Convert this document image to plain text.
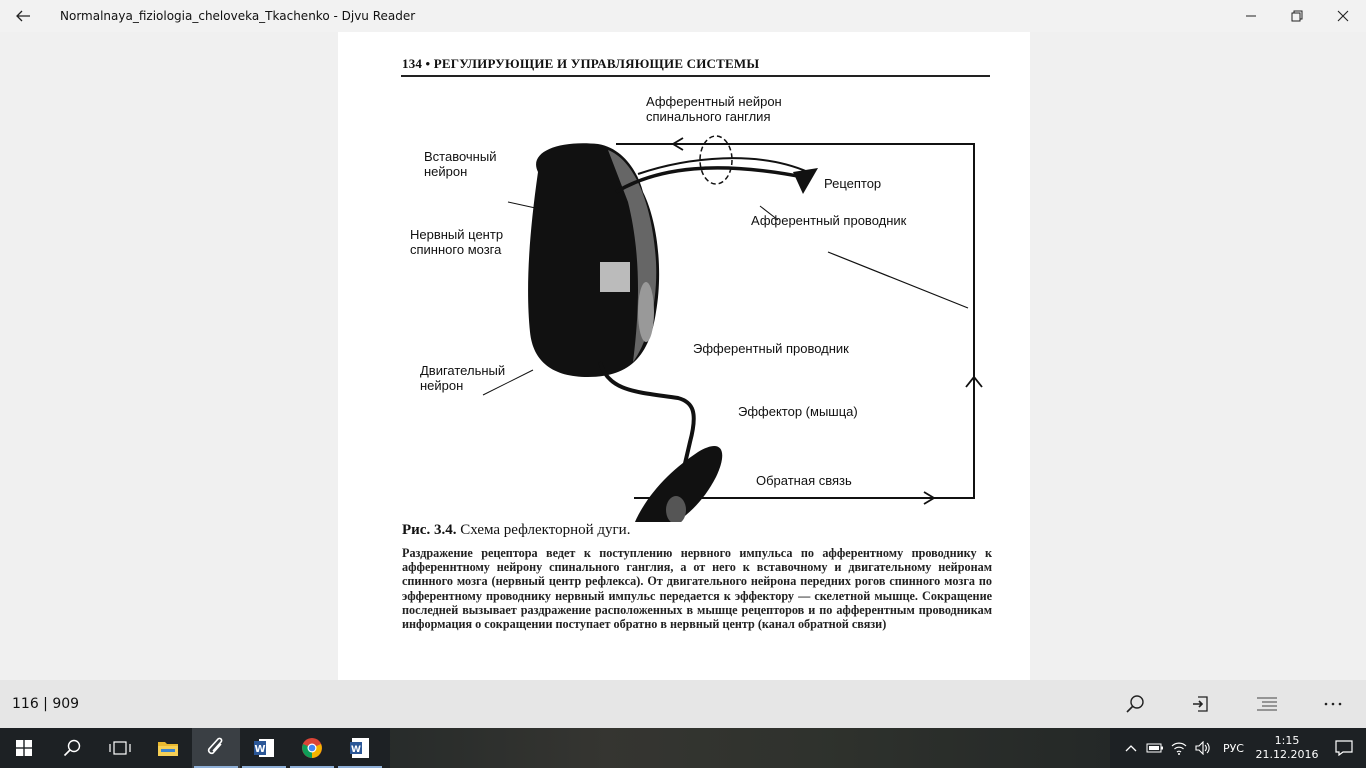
Normalnaya_fiziologia_cheloveka_Tkachenko - Djvu Reader
134 • РЕГУЛИРУЮЩИЕ И УПРАВЛЯЮЩИЕ СИСТЕМЫ
Афферентный нейрон
спинального ганглия
Вставочный
нейрон
Рецептор
Афферентный проводник
Нервный центр
спинного мозга
Эфферентный проводник
Двигательный
нейрон
Эффектор (мышца)
Обратная связь
Рис. 3.4. Схема рефлекторной дуги.
Раздражение рецептора ведет к поступлению нервного импульса по афферентному проводнику к афференнтному нейрону спинального ганглия, а от него к вставочному и двигательному нейронам спинного мозга (нервный центр рефлекса). От двигательного нейрона передних рогов спинного мозга по эфферентному проводнику нервный импульс передается к эффектору — скелетной мышце. Сокращение последней вызывает раздражение расположенных в мышце рецепторов и по афферентным проводникам информация о сокращении поступает обратно в нервный центр (канал обратной связи)
116 | 909
W	W	РУС
1:15
21.12.2016
